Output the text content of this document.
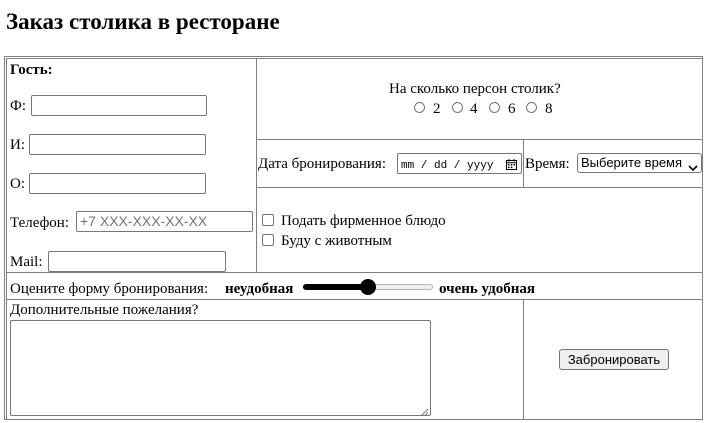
Заказ столика в ресторане
Гость:
Ф:
И:
О:
Телефон: +7 XXX-XXX-XX-XX
Mail:
На сколько персон столик?
2 4 6 8
Дата бронирования:	mm / dd / yyyy	Время: Выберите время
Подать фирменное блюдо
Буду с животным
Оцените форму бронирования: неудобная	очень удобная
Дополнительные пожелания?
Забронировать
